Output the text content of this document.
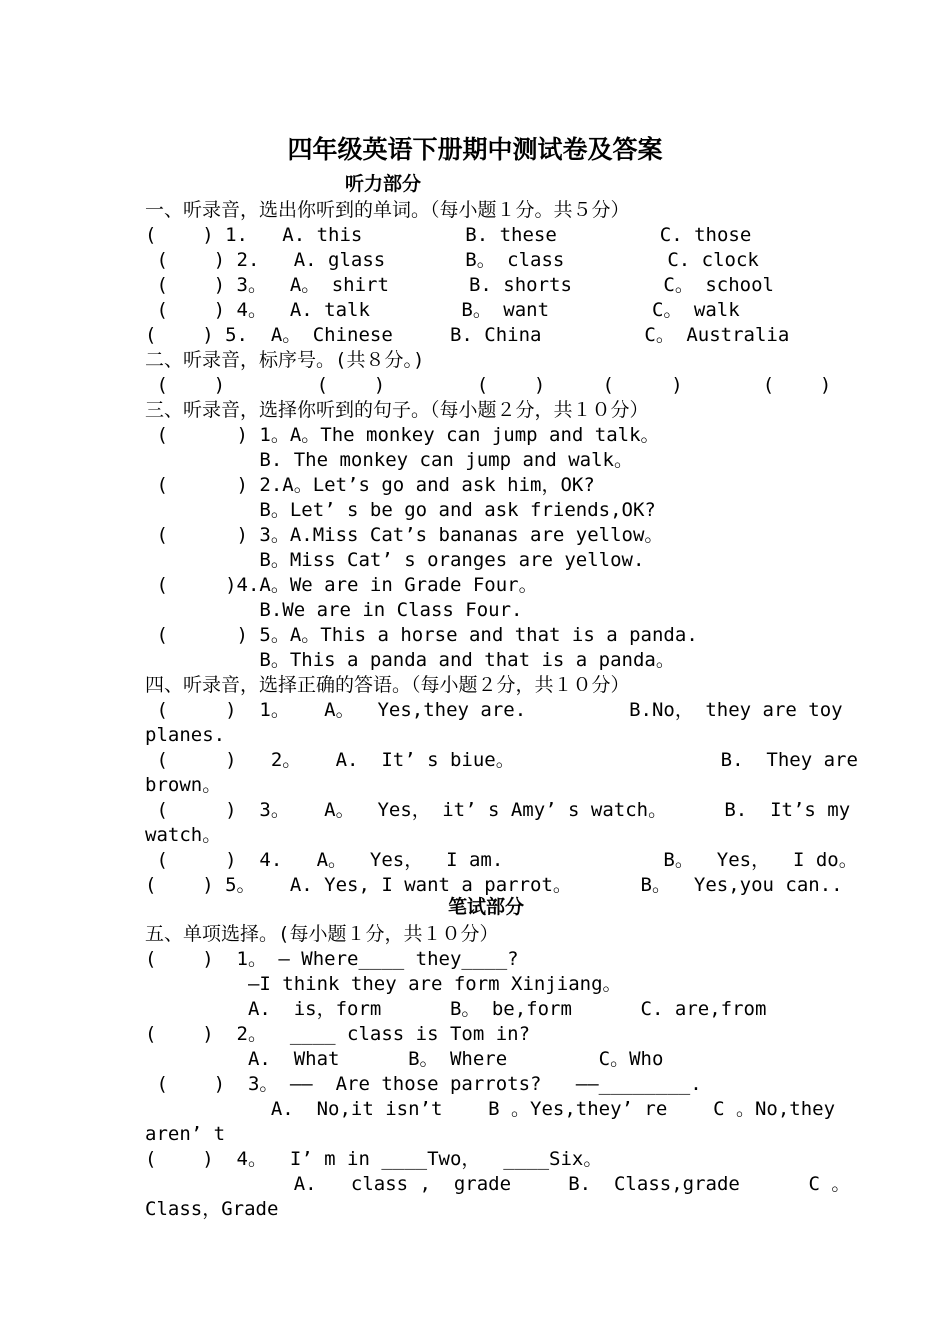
四年级英语下册期中测试卷及答案
听力部分
笔试部分
一、听录音，选出你听到的单词。（每小题１分。共５分）
(    ) 1.   A. this         B. these         C. those
(    ) 2.   A. glass       B。 class         C. clock
(    ) 3。  A。 shirt       B. shorts        C。 school
(    ) 4。  A. talk        B。 want         C。 walk
(    ) 5.  A。 Chinese     B. China         C。 Australia
二、听录音，标序号。(共８分。)
(    )        (    )        (    )     (     )       (    )
三、听录音，选择你听到的句子。（每小题２分，共１０分）
(      ) 1。A。The monkey can jump and talk。
B. The monkey can jump and walk。
(      ) 2.A。Let’s go and ask him，OK?
B。Let’ s be go and ask friends,OK?
(      ) 3。A.Miss Cat’s bananas are yellow。
B。Miss Cat’ s oranges are yellow.
(     )4.A。We are in Grade Four。
B.We are in Class Four.
(      ) 5。A。This a horse and that is a panda.
B。This a panda and that is a panda。
四、听录音，选择正确的答语。（每小题２分，共１０分）
(     )  1。   A。  Yes,they are.         B.No， they are toy
planes.
(     )   2。   A.  It’ s biue。                  B.  They are
brown。
(     )  3。   A。  Yes， it’ s Amy’ s watch。     B.  It’s my
watch。
(     )  4.   A。  Yes，  I am.              B。  Yes，  I do。
(    ) 5。   A. Yes, I want a parrot。      B。  Yes,you can..
五、单项选择。(每小题１分，共１０分）
(    )  1。 — Where____ they____?
—I think they are form Xinjiang。
A.  is，form      B。 be,form      C. are,from
(    )  2。  ____ class is Tom in?
A.  What      B。 Where        C。Who
(    )  3。 ——  Are those parrots?   ——________.
A.  No,it isn’t    B 。Yes,they’ re    C 。No,they
aren’ t
(    )  4。  I’ m in ____Two，  ____Six。
A.   class ,  grade     B.  Class,grade      C 。
Class，Grade
